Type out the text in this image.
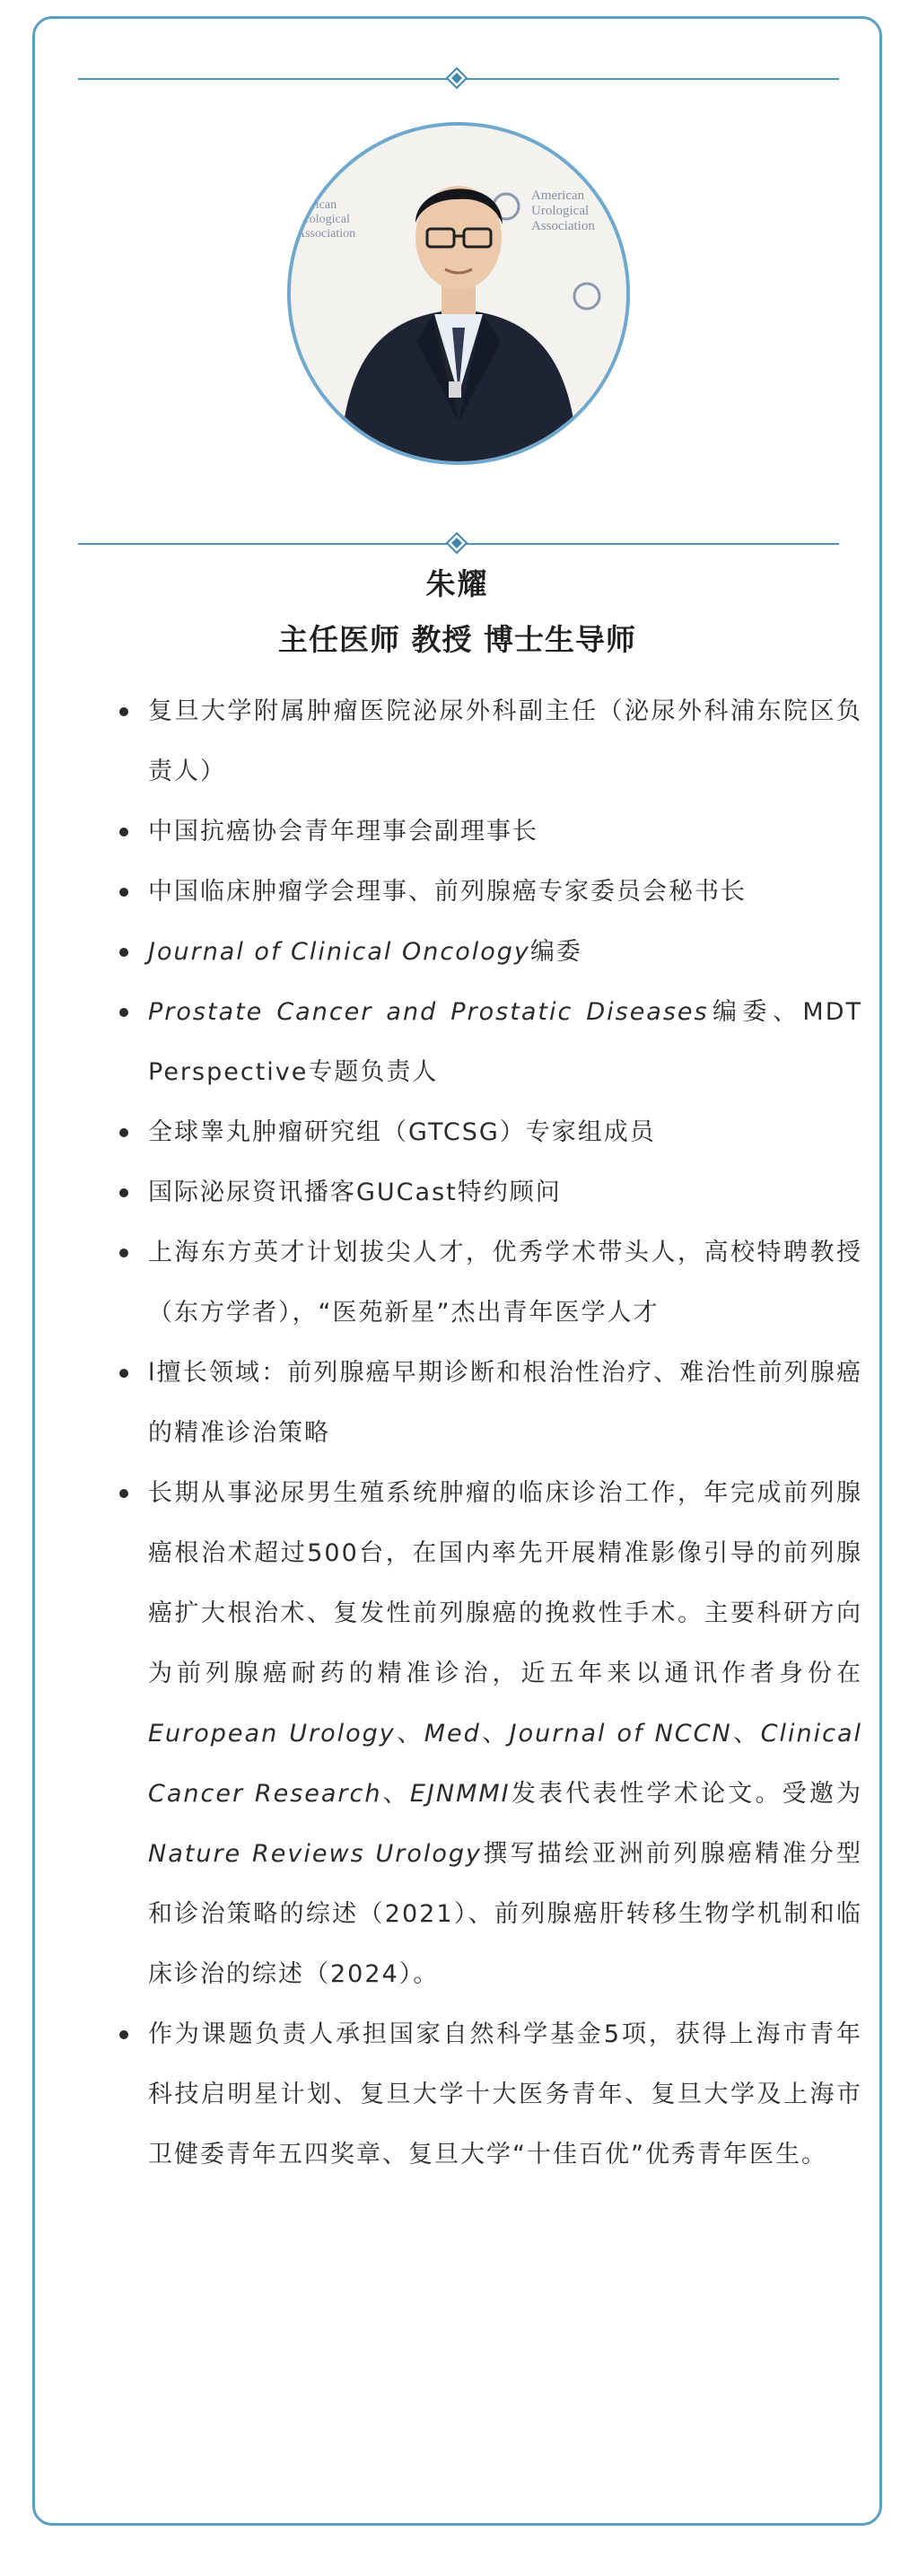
American
Urological
Association
merican
Urological
Association
朱耀
主任医师 教授 博士生导师
复旦大学附属肿瘤医院泌尿外科副主任（泌尿外科浦东院区负责人）
中国抗癌协会青年理事会副理事长
中国临床肿瘤学会理事、前列腺癌专家委员会秘书长
Journal of Clinical Oncology编委
Prostate Cancer and Prostatic Diseases编委、MDT Perspective专题负责人
全球睾丸肿瘤研究组（GTCSG）专家组成员
国际泌尿资讯播客GUCast特约顾问
上海东方英才计划拔尖人才，优秀学术带头人，高校特聘教授（东方学者），“医苑新星”杰出青年医学人才
l擅长领域：前列腺癌早期诊断和根治性治疗、难治性前列腺癌的精准诊治策略
长期从事泌尿男生殖系统肿瘤的临床诊治工作，年完成前列腺癌根治术超过500台，在国内率先开展精准影像引导的前列腺癌扩大根治术、复发性前列腺癌的挽救性手术。主要科研方向为前列腺癌耐药的精准诊治，近五年来以通讯作者身份在European Urology、Med、Journal of NCCN、Clinical Cancer Research、EJNMMI发表代表性学术论文。受邀为Nature Reviews Urology撰写描绘亚洲前列腺癌精准分型和诊治策略的综述（2021）、前列腺癌肝转移生物学机制和临床诊治的综述（2024）。
作为课题负责人承担国家自然科学基金5项，获得上海市青年科技启明星计划、复旦大学十大医务青年、复旦大学及上海市卫健委青年五四奖章、复旦大学“十佳百优”优秀青年医生。
